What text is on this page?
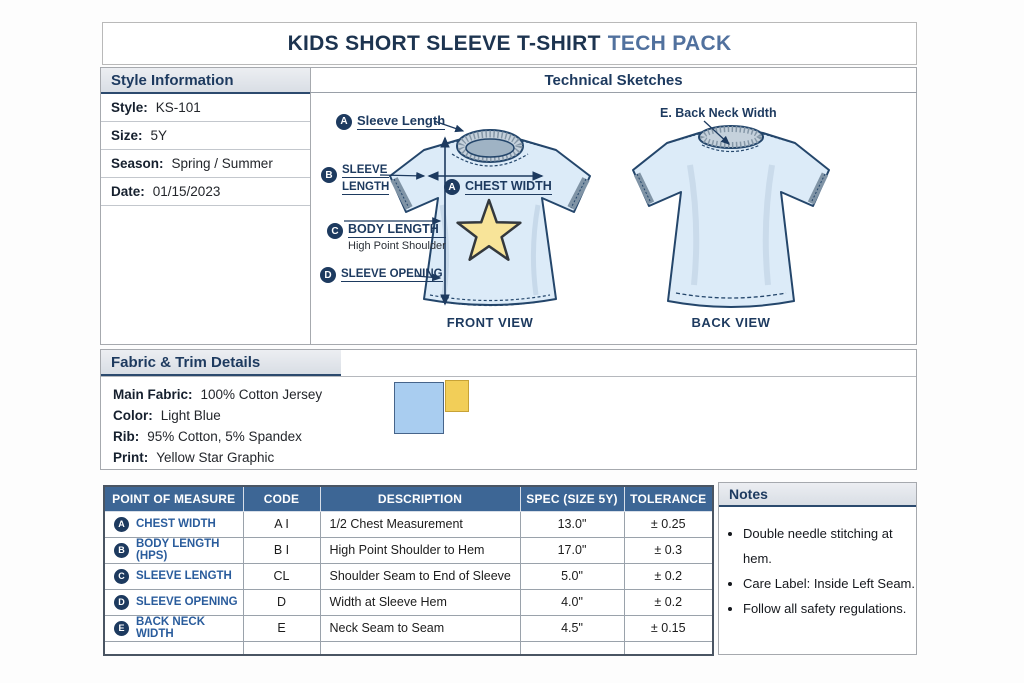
KIDS SHORT SLEEVE T-SHIRT TECH PACK
Style Information
Style: KS-101
Size: 5Y
Season: Spring / Summer
Date: 01/15/2023
Technical Sketches
A Sleeve Length
B SLEEVE
LENGTH
C BODY LENGTH
High Point Shoulder
D SLEEVE OPENING
A CHEST WIDTH
E. Back Neck Width
FRONT VIEW	BACK VIEW
Fabric & Trim Details
Main Fabric: 100% Cotton Jersey
Color: Light Blue
Rib: 95% Cotton, 5% Spandex
Print: Yellow Star Graphic
POINT OF MEASURE	CODE	DESCRIPTION	SPEC (SIZE 5Y)	TOLERANCE

A CHEST WIDTH	A I	1/2 Chest Measurement	13.0"	± 0.25

B BODY LENGTH (HPS)	B I	High Point Shoulder to Hem	17.0"	± 0.3

C SLEEVE LENGTH	CL	Shoulder Seam to End of Sleeve	5.0"	± 0.2

D SLEEVE OPENING	D	Width at Sleeve Hem	4.0"	± 0.2

E BACK NECK WIDTH	E	Neck Seam to Seam	4.5"	± 0.15

Notes
• Double needle stitching at hem.
• Care Label: Inside Left Seam.
• Follow all safety regulations.
